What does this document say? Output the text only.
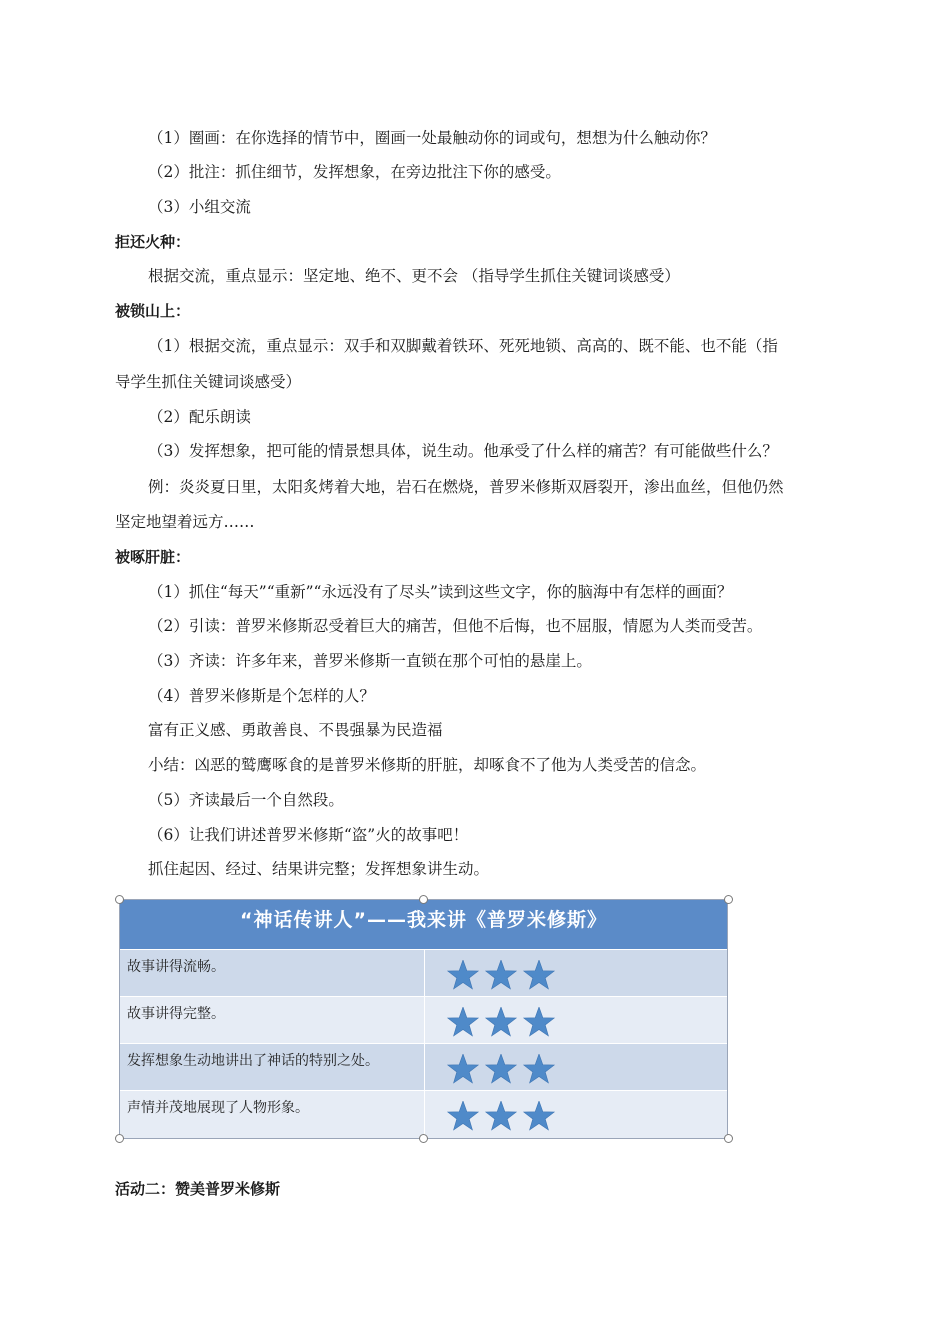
（1）圈画：在你选择的情节中，圈画一处最触动你的词或句，想想为什么触动你？
（2）批注：抓住细节，发挥想象，在旁边批注下你的感受。
（3）小组交流
拒还火种：
根据交流，重点显示：坚定地、绝不、更不会 （指导学生抓住关键词谈感受）
被锁山上：
（1）根据交流，重点显示：双手和双脚戴着铁环、死死地锁、高高的、既不能、也不能（指
导学生抓住关键词谈感受）
（2）配乐朗读
（3）发挥想象，把可能的情景想具体，说生动。他承受了什么样的痛苦？有可能做些什么？
例：炎炎夏日里，太阳炙烤着大地，岩石在燃烧，普罗米修斯双唇裂开，渗出血丝，但他仍然
坚定地望着远方……
被啄肝脏：
（1）抓住“每天”“重新”“永远没有了尽头”读到这些文字，你的脑海中有怎样的画面？
（2）引读：普罗米修斯忍受着巨大的痛苦，但他不后悔，也不屈服，情愿为人类而受苦。
（3）齐读：许多年来，普罗米修斯一直锁在那个可怕的悬崖上。
（4）普罗米修斯是个怎样的人？
富有正义感、勇敢善良、不畏强暴为民造福
小结：凶恶的鹫鹰啄食的是普罗米修斯的肝脏，却啄食不了他为人类受苦的信念。
（5）齐读最后一个自然段。
（6）让我们讲述普罗米修斯“盗”火的故事吧！
抓住起因、经过、结果讲完整；发挥想象讲生动。
“神话传讲人”——我来讲《普罗米修斯》
故事讲得流畅。
故事讲得完整。
发挥想象生动地讲出了神话的特别之处。
声情并茂地展现了人物形象。
活动二：赞美普罗米修斯
